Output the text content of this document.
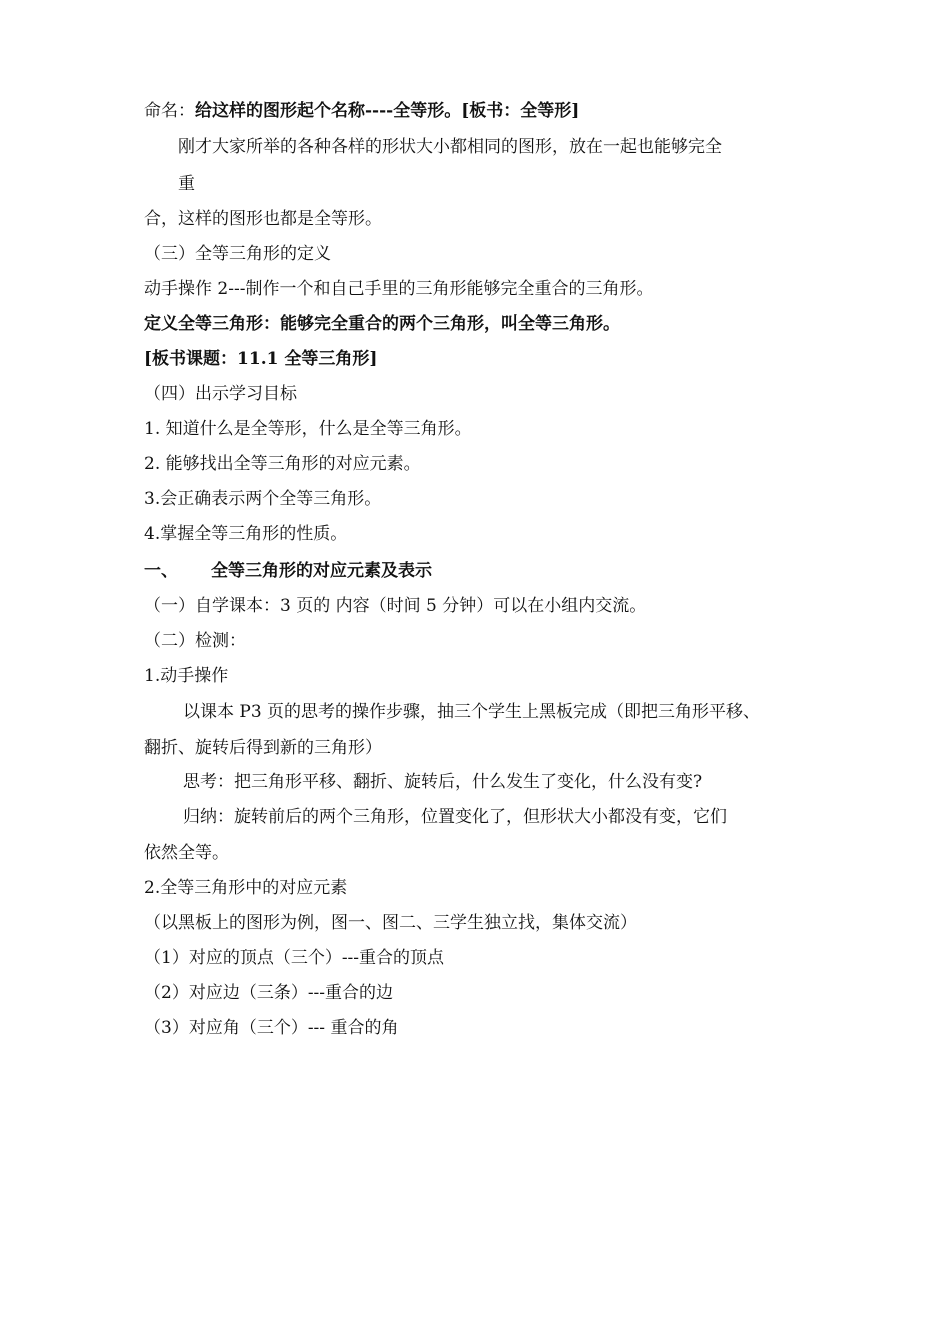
命名：给这样的图形起个名称----全等形。[板书：全等形]
刚才大家所举的各种各样的形状大小都相同的图形，放在一起也能够完全
重
合，这样的图形也都是全等形。
（三）全等三角形的定义
动手操作 2---制作一个和自己手里的三角形能够完全重合的三角形。
定义全等三角形：能够完全重合的两个三角形，叫全等三角形。
[板书课题：11.1 全等三角形]
（四）出示学习目标
1. 知道什么是全等形，什么是全等三角形。
2. 能够找出全等三角形的对应元素。
3.会正确表示两个全等三角形。
4.掌握全等三角形的性质。
一、 全等三角形的对应元素及表示
（一）自学课本：3 页的 内容（时间 5 分钟）可以在小组内交流。
（二）检测：
1.动手操作
以课本 P3 页的思考的操作步骤，抽三个学生上黑板完成（即把三角形平移、
翻折、旋转后得到新的三角形）
思考：把三角形平移、翻折、旋转后，什么发生了变化，什么没有变?
归纳：旋转前后的两个三角形，位置变化了，但形状大小都没有变，它们
依然全等。
2.全等三角形中的对应元素
（以黑板上的图形为例，图一、图二、三学生独立找，集体交流）
（1）对应的顶点（三个）---重合的顶点
（2）对应边（三条）---重合的边
（3）对应角（三个）--- 重合的角
